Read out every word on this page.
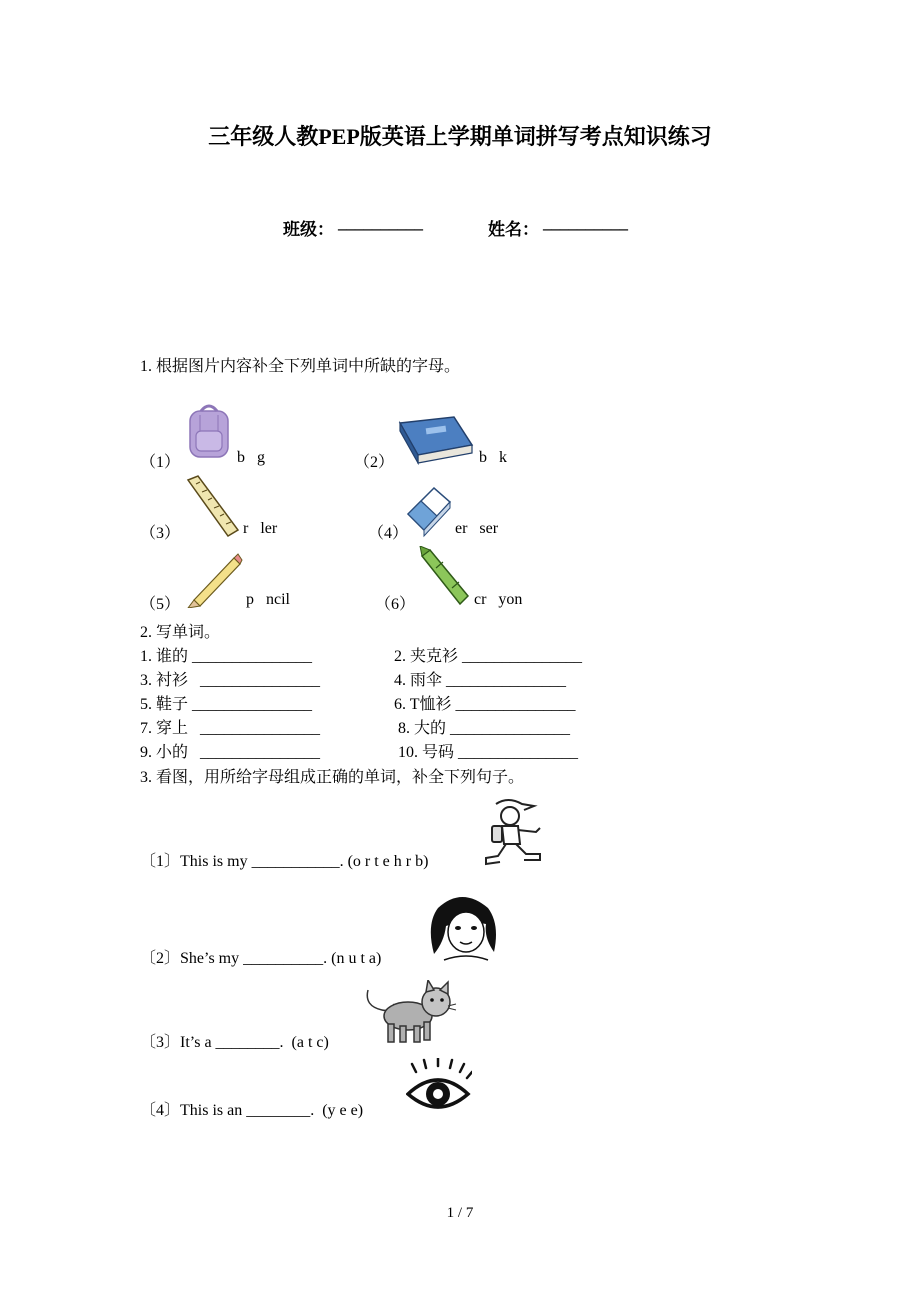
三年级人教PEP版英语上学期单词拼写考点知识练习
班级： __________	姓名： __________
1. 根据图片内容补全下列单词中所缺的字母。
（1）	b   g	（2）	b   k
（3）	r   ler	（4）	er   ser
（5）	p   ncil	（6）	cr   yon
2. 写单词。
1. 谁的 _______________	2. 夹克衫 _______________
3. 衬衫   _______________	4. 雨伞 _______________
5. 鞋子 _______________	6. T恤衫 _______________
7. 穿上   _______________	8. 大的 _______________
9. 小的   _______________	10. 号码 _______________
3. 看图，用所给字母组成正确的单词，补全下列句子。
〔1〕This is my ___________. (o r t e h r b)
〔2〕She’s my __________. (n u t a)
〔3〕It’s a ________.  (a t c)
〔4〕This is an ________.  (y e e)
1 / 7
